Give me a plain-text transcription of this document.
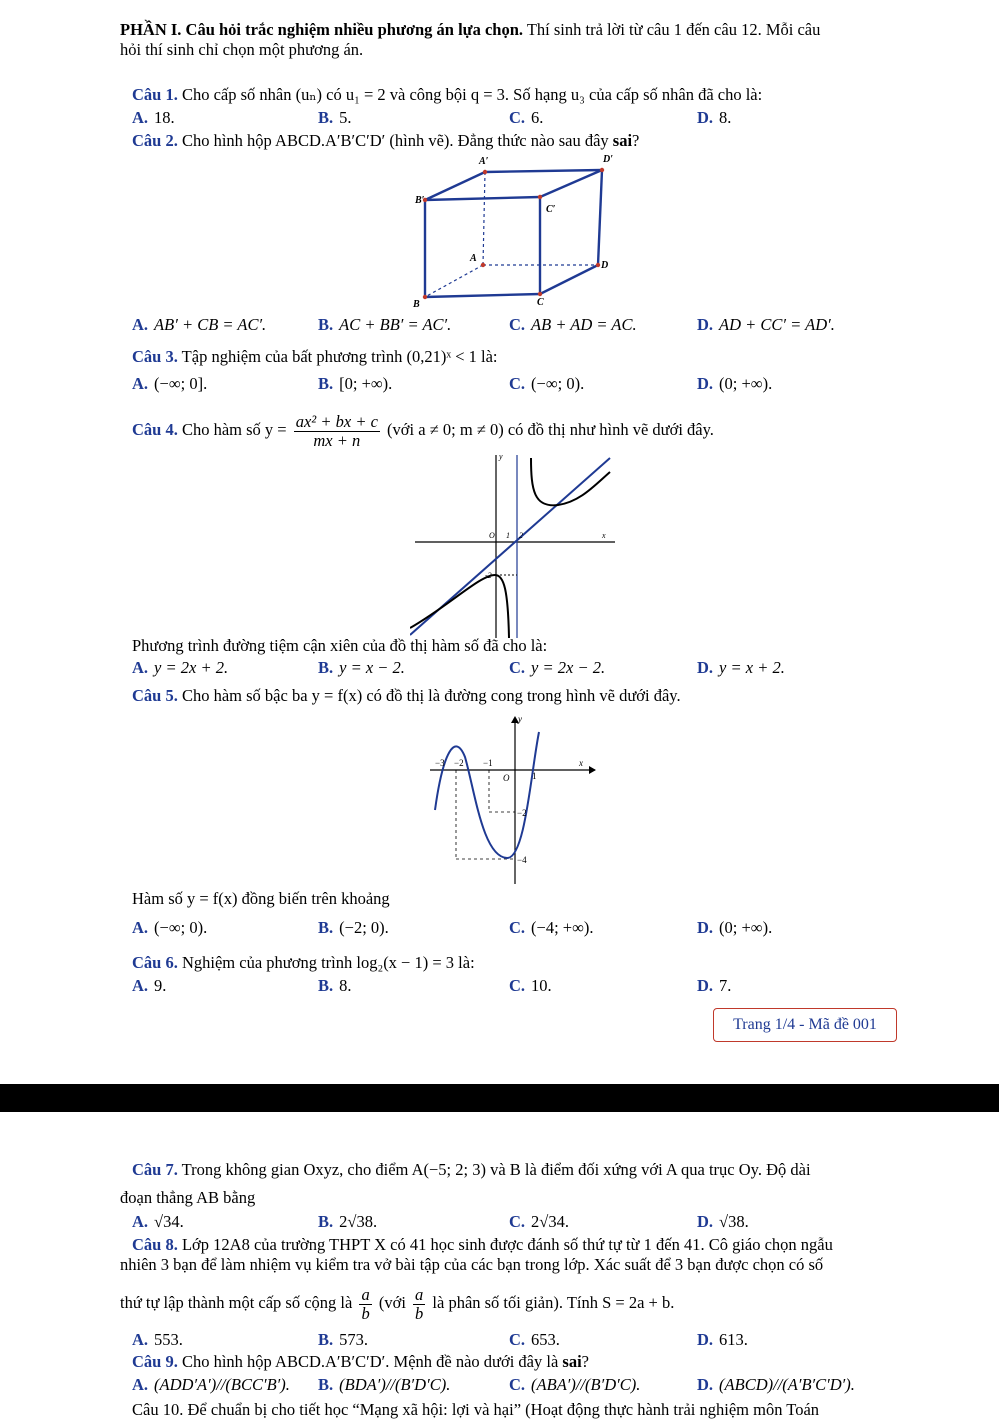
PHẦN I. Câu hỏi trắc nghiệm nhiều phương án lựa chọn. Thí sinh trả lời từ câu 1 đến câu 12. Mỗi câu
hỏi thí sinh chỉ chọn một phương án.
Câu 1. Cho cấp số nhân (uₙ) có u₁ = 2 và công bội q = 3. Số hạng u₃ của cấp số nhân đã cho là:
A. 18.	B. 5.	C. 6.	D. 8.
Câu 2. Cho hình hộp ABCD.A′B′C′D′ (hình vẽ). Đẳng thức nào sau đây sai?
A′	D′
B′
C′
A
D
B	C
A. AB′ + CB = AC′.	B. AC + BB′ = AC′.	C. AB + AD = AC.	D. AD + CC′ = AD′.
Câu 3. Tập nghiệm của bất phương trình (0,21)ˣ < 1 là:
A. (−∞; 0].	B. [0; +∞).	C. (−∞; 0).	D. (0; +∞).
Câu 4. Cho hàm số $y = \frac{\text{ax² + bx + c}}{mx + n}$ (với a ≠ 0; m ≠ 0) có đồ thị như hình vẽ dưới đây.
y
x
O 1 2
-2
Phương trình đường tiệm cận xiên của đồ thị hàm số đã cho là:
A. y = 2x + 2.	B. y = x − 2.	C. y = 2x − 2.	D. y = x + 2.
Câu 5. Cho hàm số bậc ba y = f(x) có đồ thị là đường cong trong hình vẽ dưới đây.
y
x
O
−3 −2 −1
1
−2
−4
Hàm số y = f(x) đồng biến trên khoảng
A. (−∞; 0).	B. (−2; 0).	C. (−4; +∞).	D. (0; +∞).
Câu 6. Nghiệm của phương trình log₂(x − 1) = 3 là:
A. 9.	B. 8.	C. 10.	D. 7.
Trang 1/4 - Mã đề 001
Câu 7. Trong không gian Oxyz, cho điểm A(−5; 2; 3) và B là điểm đối xứng với A qua trục Oy. Độ dài
đoạn thẳng AB bằng
A. √34.	B. 2√38.	C. 2√34.	D. √38.
Câu 8. Lớp 12A8 của trường THPT X có 41 học sinh được đánh số thứ tự từ 1 đến 41. Cô giáo chọn ngẫu
nhiên 3 bạn để làm nhiệm vụ kiểm tra vở bài tập của các bạn trong lớp. Xác suất để 3 bạn được chọn có số
thứ tự lập thành một cấp số cộng là $\frac{a}{b}$ (với $\frac{a}{b}$ là phân số tối giản). Tính S = 2a + b.
A. 553.	B. 573.	C. 653.	D. 613.
Câu 9. Cho hình hộp ABCD.A′B′C′D′. Mệnh đề nào dưới đây là sai?
A. (ADD′A′)//(BCC′B′). B. (BDA′)//(B′D′C).	C. (ABA′)//(B′D′C).	D. (ABCD)//(A′B′C′D′).
Câu 10. Để chuẩn bị cho tiết học “Mạng xã hội: lợi và hại” (Hoạt động thực hành trải nghiệm môn Toán
